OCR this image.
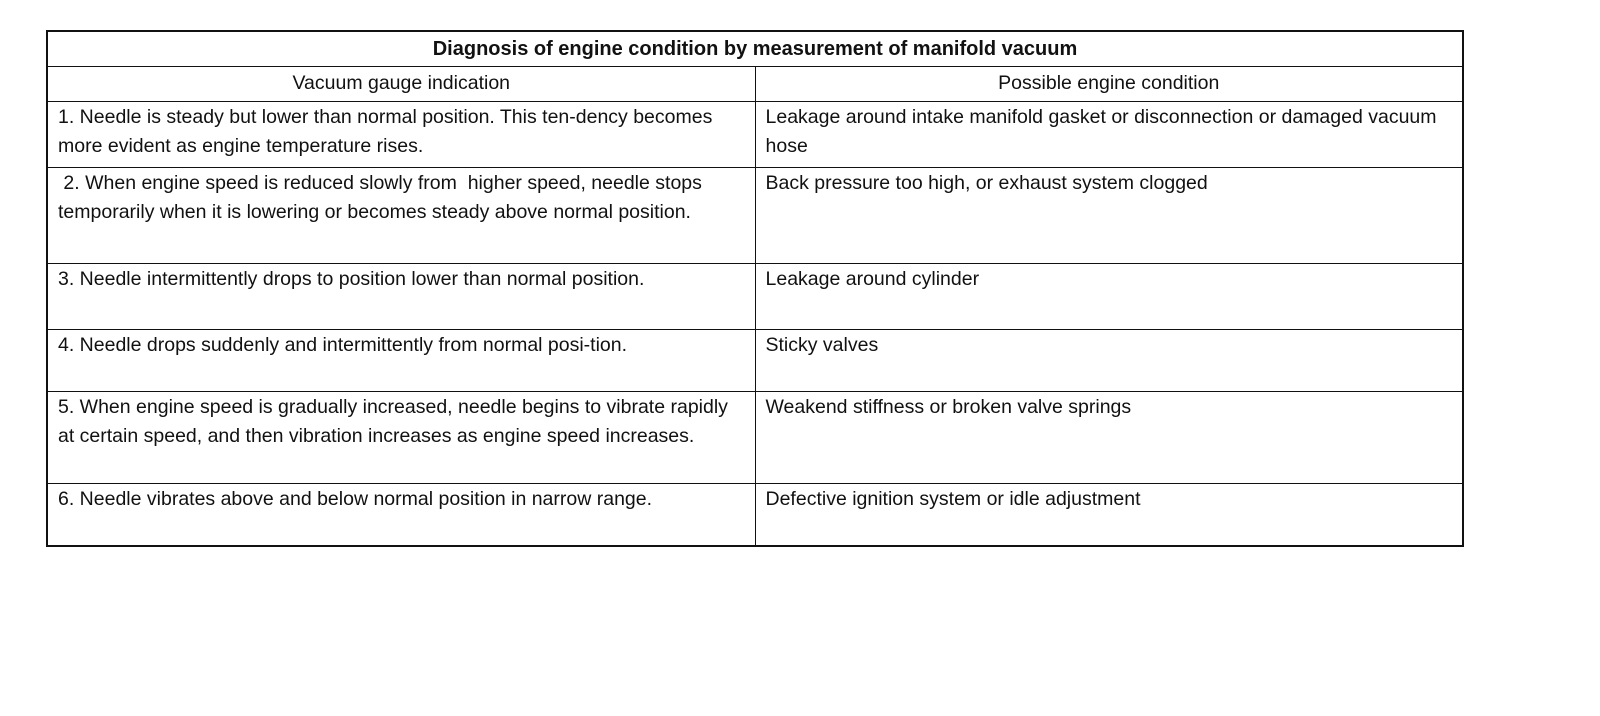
Diagnosis of engine condition by measurement of manifold vacuum	
Vacuum gauge indication	Possible engine condition
1. Needle is steady but lower than normal position. This ten-dency becomes more evident as engine temperature rises.	Leakage around intake manifold gasket or disconnection or damaged vacuum hose
2. When engine speed is reduced slowly from  higher speed, needle stops temporarily when it is lowering or becomes steady above normal position.	Back pressure too high, or exhaust system clogged
3. Needle intermittently drops to position lower than normal position.	Leakage around cylinder
4. Needle drops suddenly and intermittently from normal posi-tion.	Sticky valves
5. When engine speed is gradually increased, needle begins to vibrate rapidly at certain speed, and then vibration increases as engine speed increases.	Weakend stiffness or broken valve springs
6. Needle vibrates above and below normal position in narrow range.	Defective ignition system or idle adjustment
